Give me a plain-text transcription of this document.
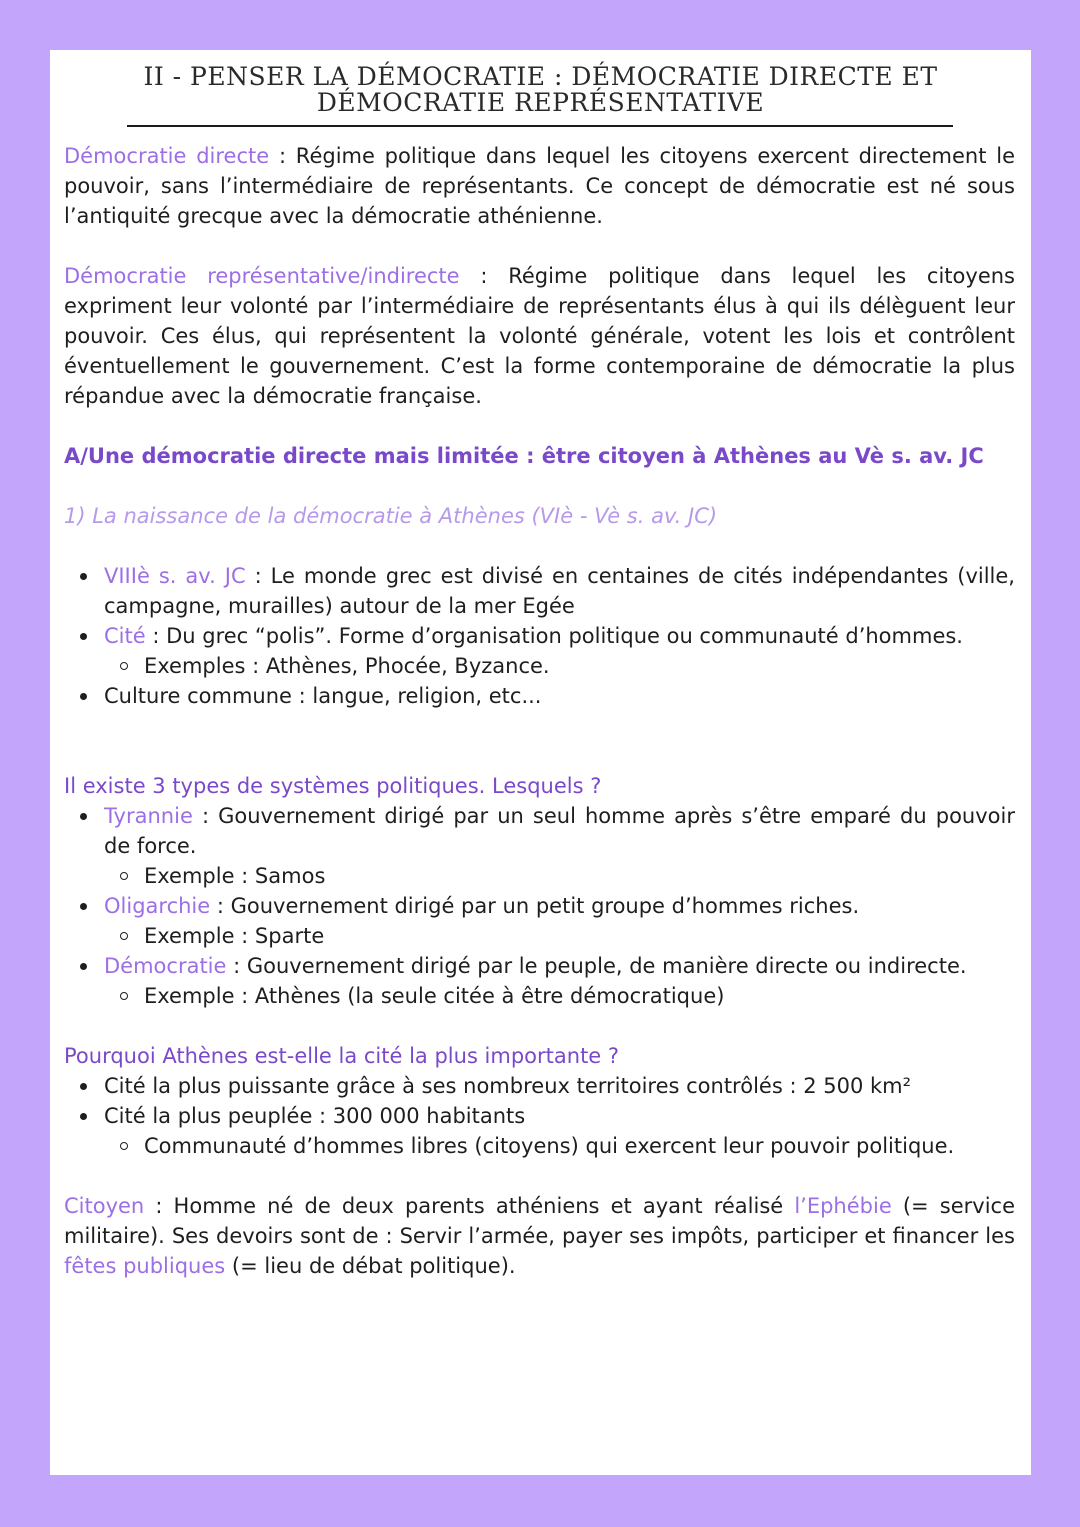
II - PENSER LA DÉMOCRATIE : DÉMOCRATIE DIRECTE ET
DÉMOCRATIE REPRÉSENTATIVE

Démocratie directe : Régime politique dans lequel les citoyens exercent directement le pouvoir, sans l’intermédiaire de représentants. Ce concept de démocratie est né sous l’antiquité grecque avec la démocratie athénienne.

Démocratie représentative/indirecte : Régime politique dans lequel les citoyens expriment leur volonté par l’intermédiaire de représentants élus à qui ils délèguent leur pouvoir. Ces élus, qui représentent la volonté générale, votent les lois et contrôlent éventuellement le gouvernement. C’est la forme contemporaine de démocratie la plus répandue avec la démocratie française.

A/Une démocratie directe mais limitée : être citoyen à Athènes au Vè s. av. JC

1) La naissance de la démocratie à Athènes (VIè - Vè s. av. JC)

VIIIè s. av. JC : Le monde grec est divisé en centaines de cités indépendantes (ville, campagne, murailles) autour de la mer Egée
Cité : Du grec “polis”. Forme d’organisation politique ou communauté d’hommes.
Exemples : Athènes, Phocée, Byzance.
Culture commune : langue, religion, etc...

Il existe 3 types de systèmes politiques. Lesquels ?

Tyrannie : Gouvernement dirigé par un seul homme après s’être emparé du pouvoir de force.
Exemple : Samos
Oligarchie : Gouvernement dirigé par un petit groupe d’hommes riches.
Exemple : Sparte
Démocratie : Gouvernement dirigé par le peuple, de manière directe ou indirecte.
Exemple : Athènes (la seule citée à être démocratique)

Pourquoi Athènes est-elle la cité la plus importante ?

Cité la plus puissante grâce à ses nombreux territoires contrôlés : 2 500 km²
Cité la plus peuplée : 300 000 habitants
Communauté d’hommes libres (citoyens) qui exercent leur pouvoir politique.

Citoyen : Homme né de deux parents athéniens et ayant réalisé l’Ephébie (= service militaire). Ses devoirs sont de : Servir l’armée, payer ses impôts, participer et financer les fêtes publiques (= lieu de débat politique).
